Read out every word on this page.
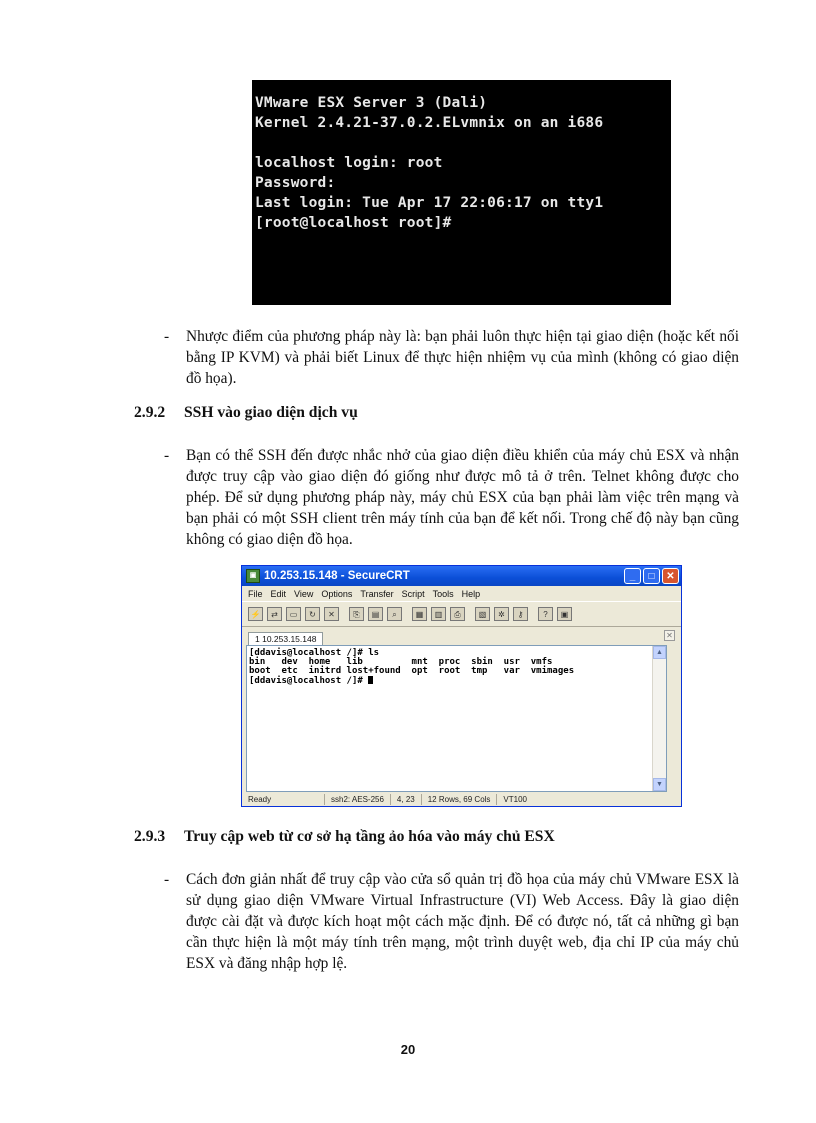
VMware ESX Server 3 (Dali)
Kernel 2.4.21-37.0.2.ELvmnix on an i686

localhost login: root
Password:
Last login: Tue Apr 17 22:06:17 on tty1
[root@localhost root]#
- Nhược điểm của phương pháp này là: bạn phải luôn thực hiện tại giao diện (hoặc kết nối bằng IP KVM) và phải biết Linux để thực hiện nhiệm vụ của mình (không có giao diện đồ họa).

2.9.2 SSH vào giao diện dịch vụ
- Bạn có thể SSH đến được nhắc nhở của giao diện điều khiển của máy chủ ESX và nhận được truy cập vào giao diện đó giống như được mô tả ở trên. Telnet không được cho phép. Để sử dụng phương pháp này, máy chủ ESX của bạn phải làm việc trên mạng và bạn phải có một SSH client trên máy tính của bạn để kết nối. Trong chế độ này bạn cũng không có giao diện đồ họa.

▣ 10.253.15.148 - SecureCRT	_	□	✕
File Edit View Options Transfer Script Tools Help
⚡	⇄	▭	↻	✕	⎘	▤	⌕	▦	▥	⎙	▧	✲	⚷	?	▣
1 10.253.15.148	✕
[ddavis@localhost /]# ls
bin   dev  home   lib         mnt  proc  sbin  usr  vmfs
boot  etc  initrd lost+found  opt  root  tmp   var  vmimages
[ddavis@localhost /]#
▲
▼
Ready	ssh2: AES-256	4, 23	12 Rows, 69 Cols	VT100
2.9.3 Truy cập web từ cơ sở hạ tầng ảo hóa vào máy chủ ESX
- Cách đơn giản nhất để truy cập vào cửa sổ quản trị đồ họa của máy chủ VMware ESX là sử dụng giao diện VMware Virtual Infrastructure (VI) Web Access. Đây là giao diện được cài đặt và được kích hoạt một cách mặc định. Để có được nó, tất cả những gì bạn cần thực hiện là một máy tính trên mạng, một trình duyệt web, địa chỉ IP của máy chủ ESX và đăng nhập hợp lệ.

20
